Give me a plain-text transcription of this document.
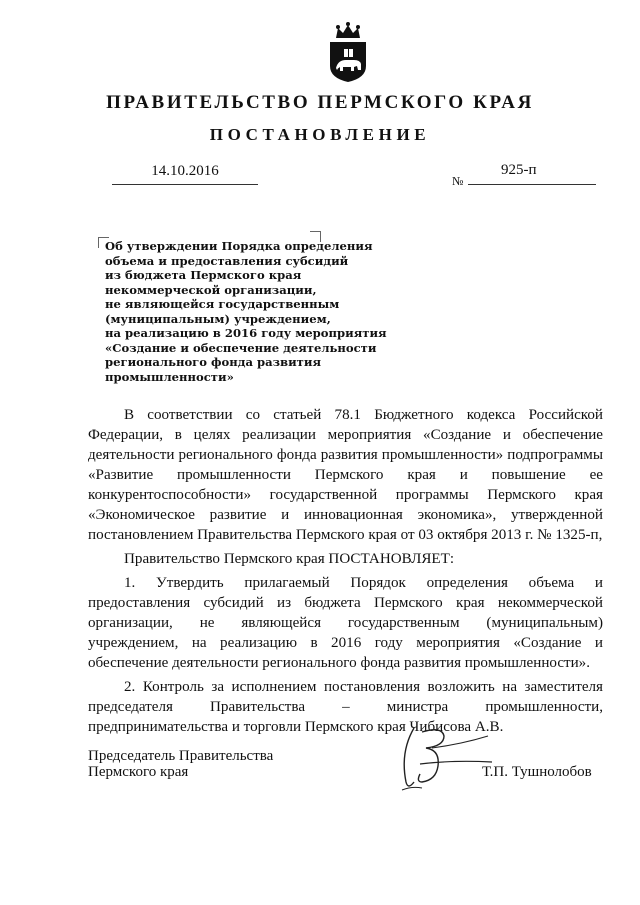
ПРАВИТЕЛЬСТВО ПЕРМСКОГО КРАЯ
ПОСТАНОВЛЕНИЕ
14.10.2016
№
925-п
Об утверждении Порядка определения
объема и предоставления субсидий
из бюджета Пермского края
некоммерческой организации,
не являющейся государственным
(муниципальным) учреждением,
на реализацию в 2016 году мероприятия
«Создание и обеспечение деятельности
регионального фонда развития
промышленности»

В соответствии со статьей 78.1 Бюджетного кодекса Российской Федерации, в целях реализации мероприятия «Создание и обеспечение деятельности регионального фонда развития промышленности» подпрограммы «Развитие промышленности Пермского края и повышение ее конкурентоспособности» государственной программы Пермского края «Экономическое развитие и инновационная экономика», утвержденной постановлением Правительства Пермского края от 03 октября 2013 г. № 1325-п,

Правительство Пермского края ПОСТАНОВЛЯЕТ:

1. Утвердить прилагаемый Порядок определения объема и предоставления субсидий из бюджета Пермского края некоммерческой организации, не являющейся государственным (муниципальным) учреждением, на реализацию в 2016 году мероприятия «Создание и обеспечение деятельности регионального фонда развития промышленности».

2. Контроль за исполнением постановления возложить на заместителя председателя Правительства – министра промышленности, предпринимательства и торговли Пермского края Чибисова А.В.

Председатель Правительства
Пермского края	Т.П. Тушнолобов
